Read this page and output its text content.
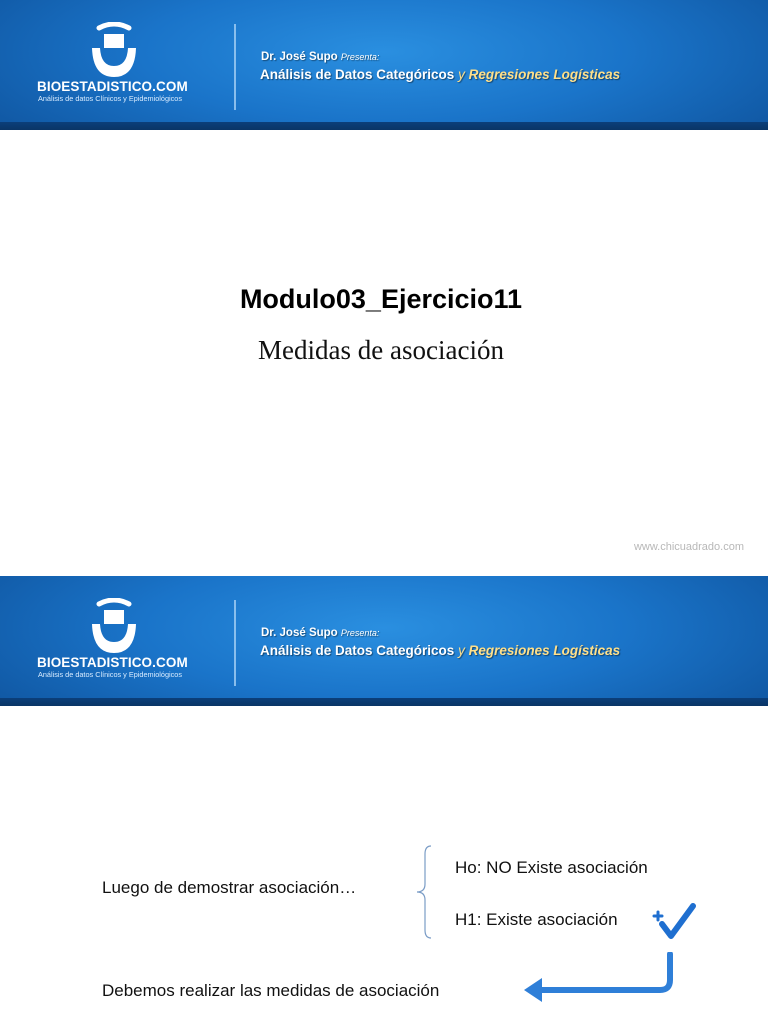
BIOESTADISTICO.COM
Análisis de datos Clínicos y Epidemiológicos
Dr. José Supo Presenta:
Análisis de Datos Categóricos y Regresiones Logísticas
Modulo03_Ejercicio11
Medidas de asociación
www.chicuadrado.com
BIOESTADISTICO.COM
Análisis de datos Clínicos y Epidemiológicos
Dr. José Supo Presenta:
Análisis de Datos Categóricos y Regresiones Logísticas
Luego de demostrar asociación…
Ho: NO Existe asociación
H1: Existe asociación
Debemos realizar las medidas de asociación
